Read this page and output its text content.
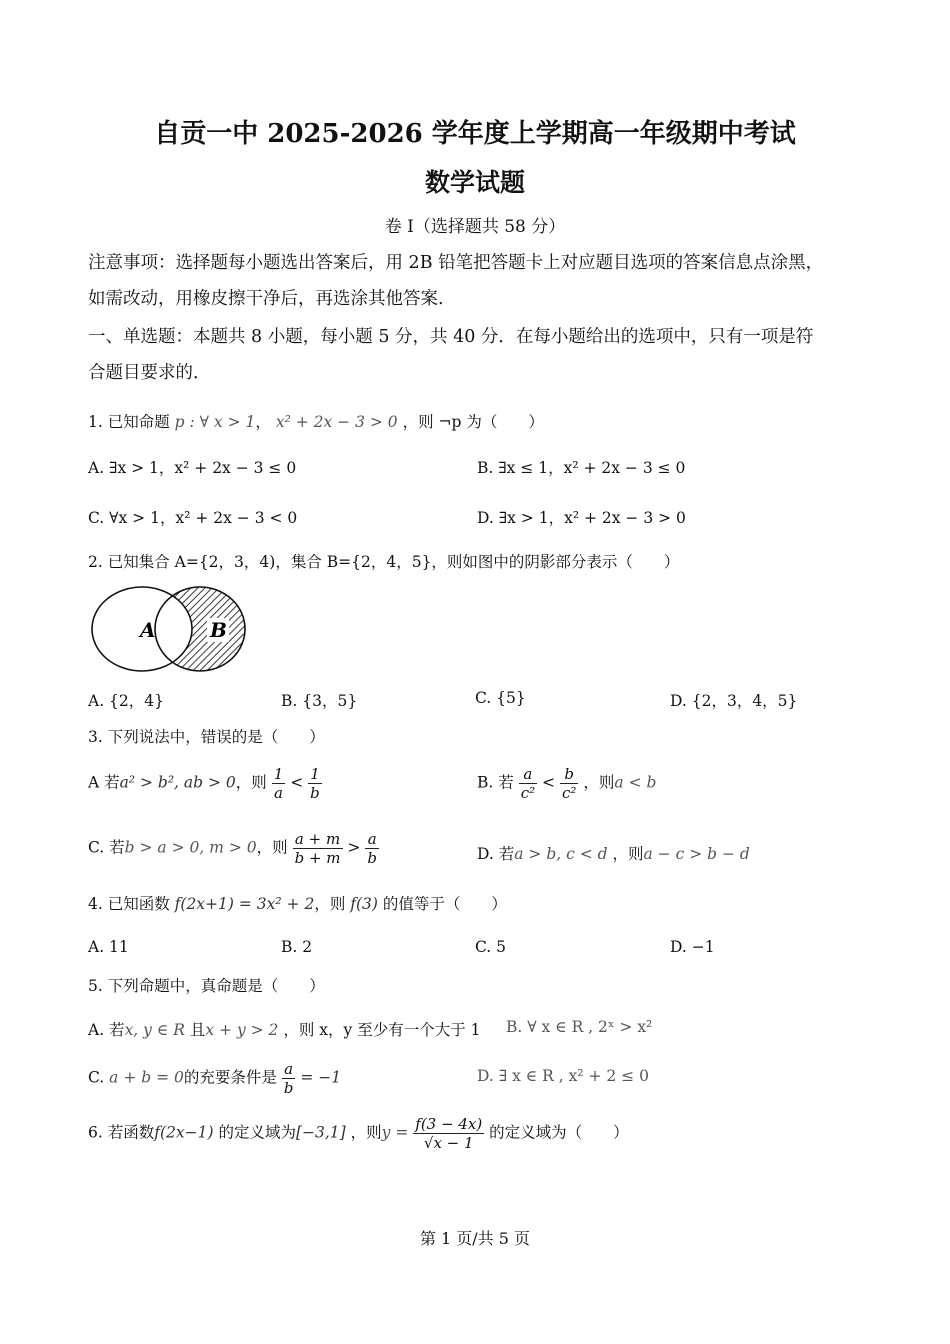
自贡一中 2025-2026 学年度上学期高一年级期中考试
数学试题
卷 I（选择题共 58 分）
注意事项：选择题每小题选出答案后，用 2B 铅笔把答题卡上对应题目选项的答案信息点涂黑，
如需改动，用橡皮擦干净后，再选涂其他答案.
一、单选题：本题共 8 小题，每小题 5 分，共 40 分．在每小题给出的选项中，只有一项是符
合题目要求的．
1. 已知命题 p : ∀ x > 1， x² + 2x − 3 > 0 ，则 ¬p 为（　　）
A. ∃x > 1，x² + 2x − 3 ≤ 0	B. ∃x ≤ 1，x² + 2x − 3 ≤ 0
C. ∀x > 1，x² + 2x − 3 < 0	D. ∃x > 1，x² + 2x − 3 > 0
2. 已知集合 A={2，3，4)，集合 B={2，4，5}，则如图中的阴影部分表示（　　）
A	B
A. {2，4}	B. {3，5}	C. {5}	D. {2，3，4，5}
3. 下列说法中，错误的是（　　）
A 若a² > b², ab > 0，则 $\frac{1}{a} < \frac{1}{b}$	B. 若 $\frac{a}{\text{c²}} < \frac{b}{\text{c²}}$ ，则a < b
C. 若b > a > 0, m > 0，则 $\frac{a + m}{b + m} > \frac{a}{b}$	D. 若a > b, c < d ，则a − c > b − d
4. 已知函数 f(2x+1) = 3x² + 2，则 f(3) 的值等于（　　）
A. 11	B. 2	C. 5	D. −1
5. 下列命题中，真命题是（　　）
A. 若x, y ∈ R 且x + y > 2 ，则 x，y 至少有一个大于 1 B. ∀ x ∈ R , 2ˣ > x²
C. a + b = 0的充要条件是 $\frac{a}{b} = -1$	D. ∃ x ∈ R , x² + 2 ≤ 0
6. 若函数f(2x−1) 的定义域为[−3,1] ，则$y = \frac{f(3 - 4x)}{√x - 1}$ 的定义域为（　　）
第 1 页/共 5 页
